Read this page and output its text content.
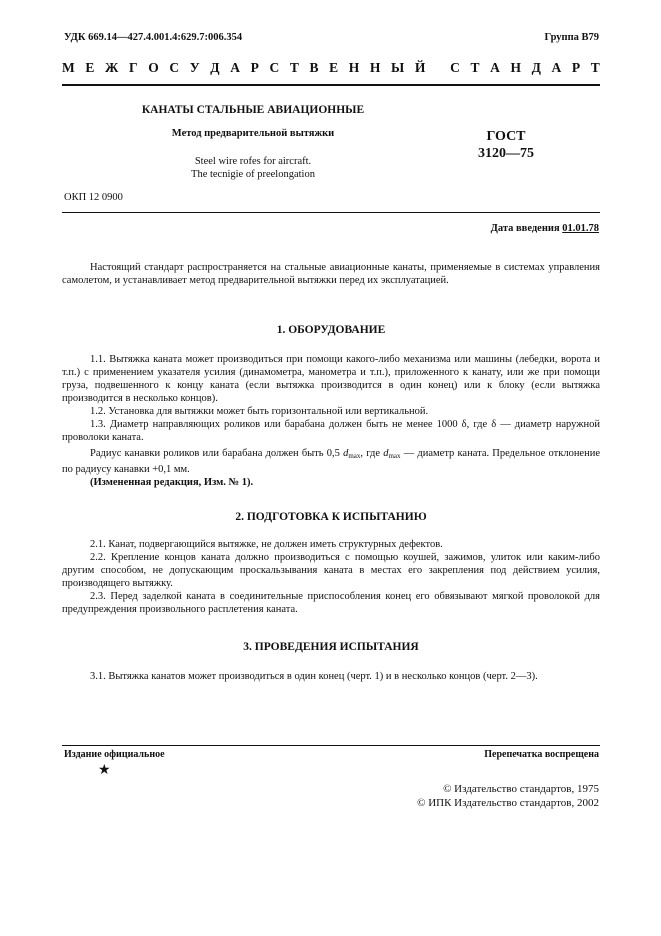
УДК 669.14—427.4.001.4:629.7:006.354	Группа В79
М Е Ж Г О С У Д А Р С Т В Е Н Н Ы Й
С Т А Н Д А Р Т
КАНАТЫ СТАЛЬНЫЕ АВИАЦИОННЫЕ
Метод предварительной вытяжки
Steel wire rofes for aircraft.
The tecnigie of preelongation
ГОСТ
3120—75
ОКП 12 0900
Дата введения 01.01.78

Настоящий стандарт распространяется на стальные авиационные канаты, применяемые в системах управления самолетом, и устанавливает метод предварительной вытяжки перед их эксплуатацией.

1. ОБОРУДОВАНИЕ

1.1. Вытяжка каната может производиться при помощи какого-либо механизма или машины (лебедки, ворота и т.п.) с применением указателя усилия (динамометра, манометра и т.п.), приложенного к канату, или же при помощи груза, подвешенного к концу каната (если вытяжка производится в один конец) или к блоку (если вытяжка производится в несколько концов).

1.2. Установка для вытяжки может быть горизонтальной или вертикальной.

1.3. Диаметр направляющих роликов или барабана должен быть не менее 1000 δ, где δ — диаметр наружной проволоки каната.

Радиус канавки роликов или барабана должен быть 0,5 $d_{max}$, где $d_{max}$ — диаметр каната. Предельное отклонение по радиусу канавки +0,1 мм.

(Измененная редакция, Изм. № 1).

2. ПОДГОТОВКА К ИСПЫТАНИЮ

2.1. Канат, подвергающийся вытяжке, не должен иметь структурных дефектов.

2.2. Крепление концов каната должно производиться с помощью коушей, зажимов, улиток или каким-либо другим способом, не допускающим проскальзывания каната в местах его закрепления под действием усилия, производящего вытяжку.

2.3. Перед заделкой каната в соединительные приспособления конец его обвязывают мягкой проволокой для предупреждения произвольного расплетения каната.

3. ПРОВЕДЕНИЯ ИСПЫТАНИЯ

3.1. Вытяжка канатов может производиться в один конец (черт. 1) и в несколько концов (черт. 2—3).

Издание официальное	Перепечатка воспрещена
★
© Издательство стандартов, 1975
© ИПК Издательство стандартов, 2002
